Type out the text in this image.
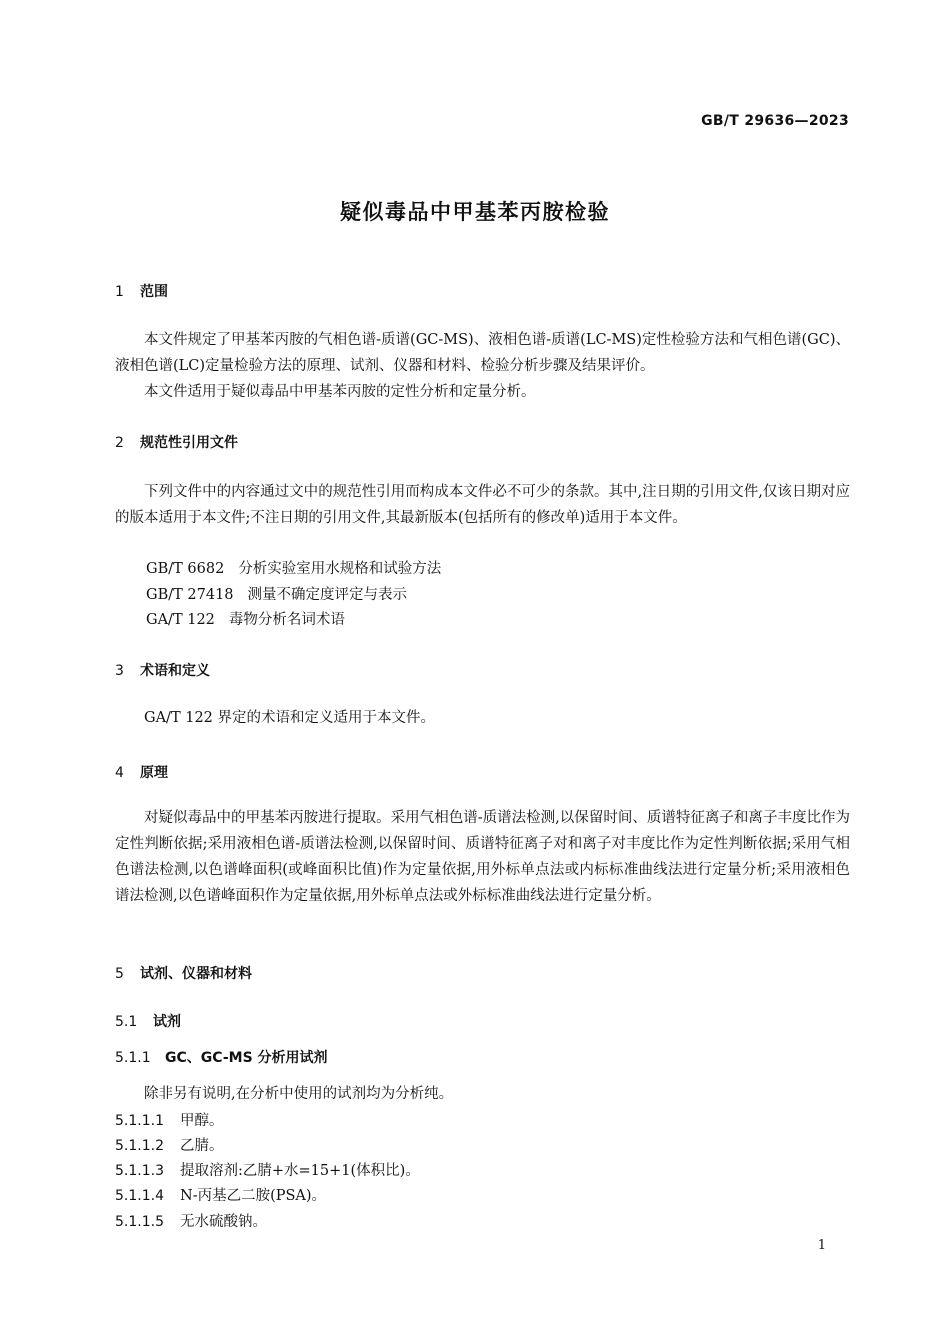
GB/T 29636—2023
疑似毒品中甲基苯丙胺检验
1 范围
本文件规定了甲基苯丙胺的气相色谱-质谱(GC-MS)、液相色谱-质谱(LC-MS)定性检验方法和气相色谱(GC)、液相色谱(LC)定量检验方法的原理、试剂、仪器和材料、检验分析步骤及结果评价。
本文件适用于疑似毒品中甲基苯丙胺的定性分析和定量分析。
2 规范性引用文件
下列文件中的内容通过文中的规范性引用而构成本文件必不可少的条款。其中,注日期的引用文件,仅该日期对应的版本适用于本文件;不注日期的引用文件,其最新版本(包括所有的修改单)适用于本文件。
GB/T 6682 分析实验室用水规格和试验方法
GB/T 27418 测量不确定度评定与表示
GA/T 122 毒物分析名词术语
3 术语和定义
GA/T 122 界定的术语和定义适用于本文件。
4 原理
对疑似毒品中的甲基苯丙胺进行提取。采用气相色谱-质谱法检测,以保留时间、质谱特征离子和离子丰度比作为定性判断依据;采用液相色谱-质谱法检测,以保留时间、质谱特征离子对和离子对丰度比作为定性判断依据;采用气相色谱法检测,以色谱峰面积(或峰面积比值)作为定量依据,用外标单点法或内标标准曲线法进行定量分析;采用液相色谱法检测,以色谱峰面积作为定量依据,用外标单点法或外标标准曲线法进行定量分析。
5 试剂、仪器和材料
5.1 试剂
5.1.1 GC、GC-MS 分析用试剂
除非另有说明,在分析中使用的试剂均为分析纯。
5.1.1.1 甲醇。
5.1.1.2 乙腈。
5.1.1.3 提取溶剂:乙腈+水=15+1(体积比)。
5.1.1.4 N-丙基乙二胺(PSA)。
5.1.1.5 无水硫酸钠。
1
